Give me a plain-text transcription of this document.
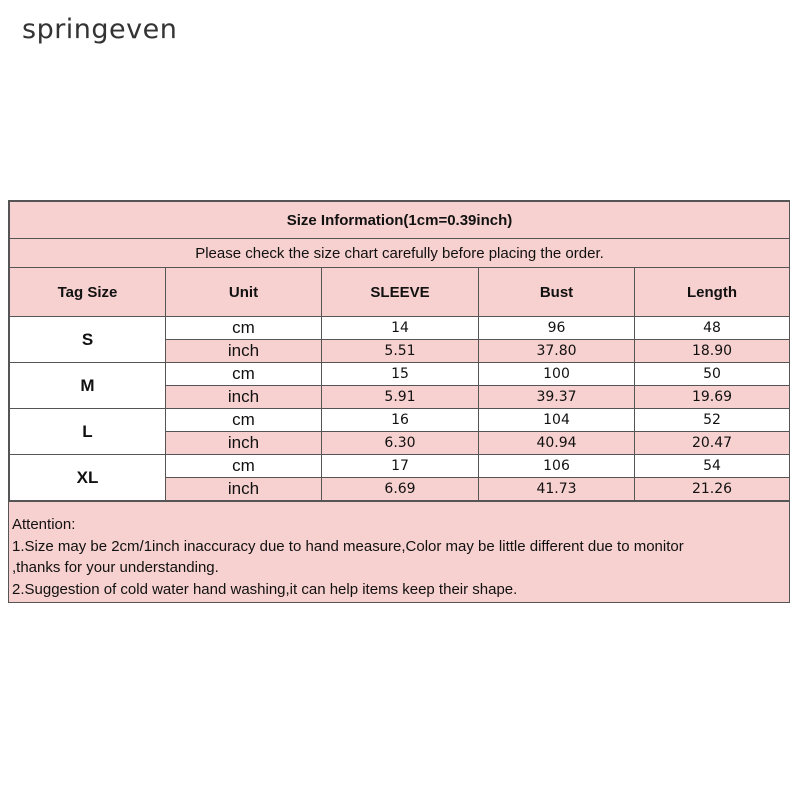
springeven
Size Information(1cm=0.39inch)				
Please check the size chart carefully before placing the order.				
Tag Size	Unit	SLEEVE	Bust	Length
S	cm	14	96	48
	inch	5.51	37.80	18.90
M	cm	15	100	50
	inch	5.91	39.37	19.69
L	cm	16	104	52
	inch	6.30	40.94	20.47
XL	cm	17	106	54
	inch	6.69	41.73	21.26
Attention:
1.Size may be 2cm/1inch inaccuracy due to hand measure,Color may be little different due to monitor
,thanks for your understanding.
2.Suggestion of cold water hand washing,it can help items keep their shape.
